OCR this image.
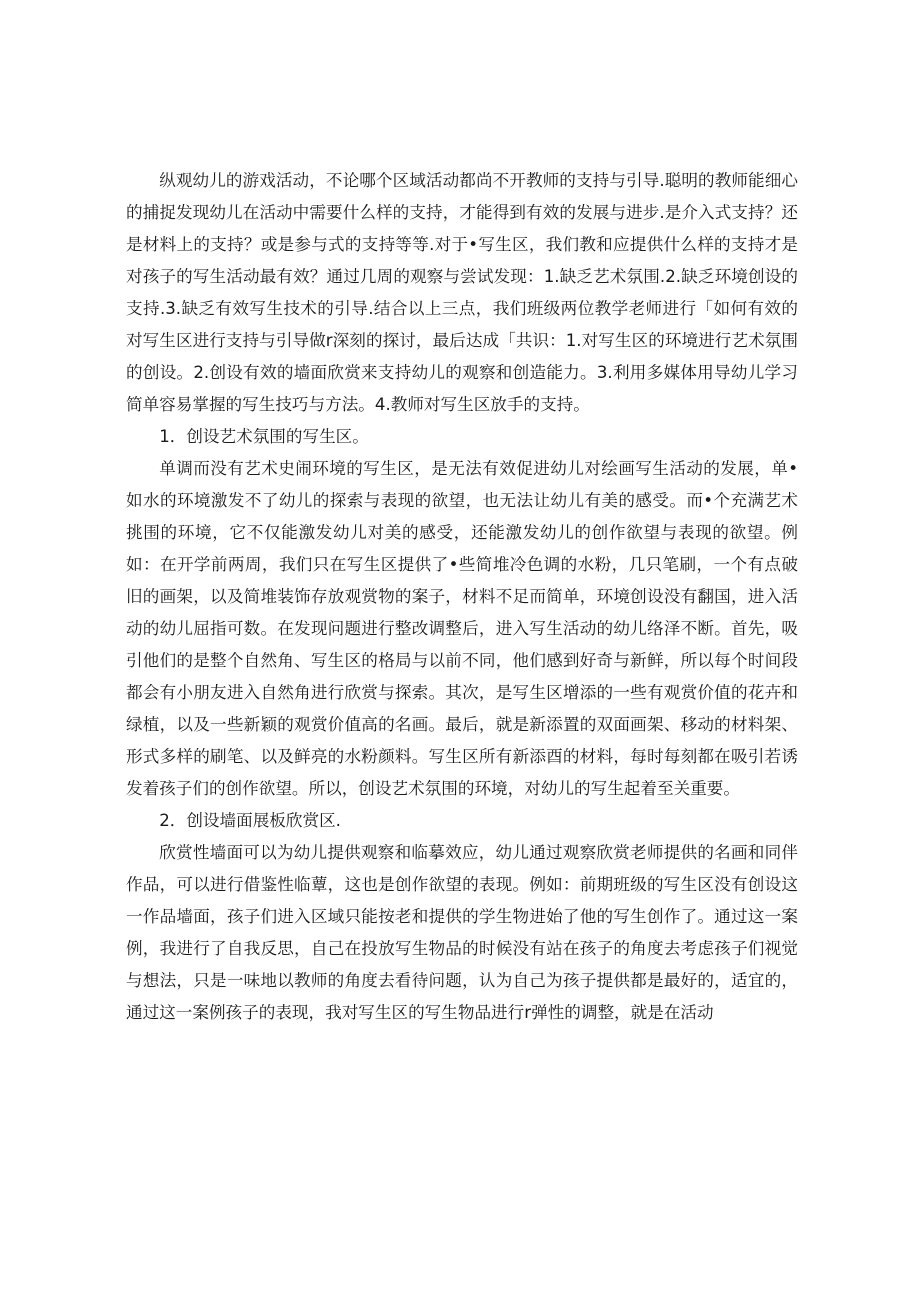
纵观幼儿的游戏活动，不论哪个区域活动都尚不开教师的支持与引导.聪明的教师能细心的捕捉发现幼儿在活动中需要什么样的支持，才能得到有效的发展与进步.是介入式支持？还是材料上的支持？或是参与式的支持等等.对于•写生区，我们教和应提供什么样的支持才是对孩子的写生活动最有效？通过几周的观察与尝试发现：1.缺乏艺术氛围.2.缺乏环境创设的支持.3.缺乏有效写生技术的引导.结合以上三点，我们班级两位教学老师进行「如何有效的对写生区进行支持与引导做r深刻的探讨，最后达成「共识：1.对写生区的环境进行艺术氛围的创设。2.创设有效的墙面欣赏来支持幼儿的观察和创造能力。3.利用多媒体用导幼儿学习简单容易掌握的写生技巧与方法。4.教师对写生区放手的支持。

1．创设艺术氛围的写生区。

单调而没有艺术史闹环境的写生区，是无法有效促进幼儿对绘画写生活动的发展，单•如水的环境激发不了幼儿的探索与表现的欲望，也无法让幼儿有美的感受。而•个充满艺术挑围的环境，它不仅能激发幼儿对美的感受，还能激发幼儿的创作欲望与表现的欲望。例如：在开学前两周，我们只在写生区提供了•些简堆冷色调的水粉，几只笔刷，一个有点破旧的画架，以及简堆装饰存放观赏物的案子，材料不足而简单，环境创设没有翻国，进入活动的幼儿屈指可数。在发现问题进行整改调整后，进入写生活动的幼儿络泽不断。首先，吸引他们的是整个自然角、写生区的格局与以前不同，他们感到好奇与新鲜，所以每个时间段都会有小朋友进入自然角进行欣赏与探索。其次，是写生区增添的一些有观赏价值的花卉和绿植，以及一些新颖的观赏价值高的名画。最后，就是新添置的双面画架、移动的材料架、形式多样的刷笔、以及鲜亮的水粉颜料。写生区所有新添酉的材料，每时每刻都在吸引若诱发着孩子们的创作欲望。所以，创设艺术氛围的环境，对幼儿的写生起着至关重要。

2．创设墙面展板欣赏区.

欣赏性墙面可以为幼儿提供观察和临摹效应，幼儿通过观察欣赏老师提供的名画和同伴作品，可以进行借鉴性临蕈，这也是创作欲望的表现。例如：前期班级的写生区没有创设这一作品墙面，孩子们进入区域只能按老和提供的学生物进始了他的写生创作了。通过这一案例，我进行了自我反思，自己在投放写生物品的时候没有站在孩子的角度去考虑孩子们视觉与想法，只是一味地以教师的角度去看待问题，认为自己为孩子提供都是最好的，适宜的，通过这一案例孩子的表现，我对写生区的写生物品进行r弹性的调整，就是在活动
